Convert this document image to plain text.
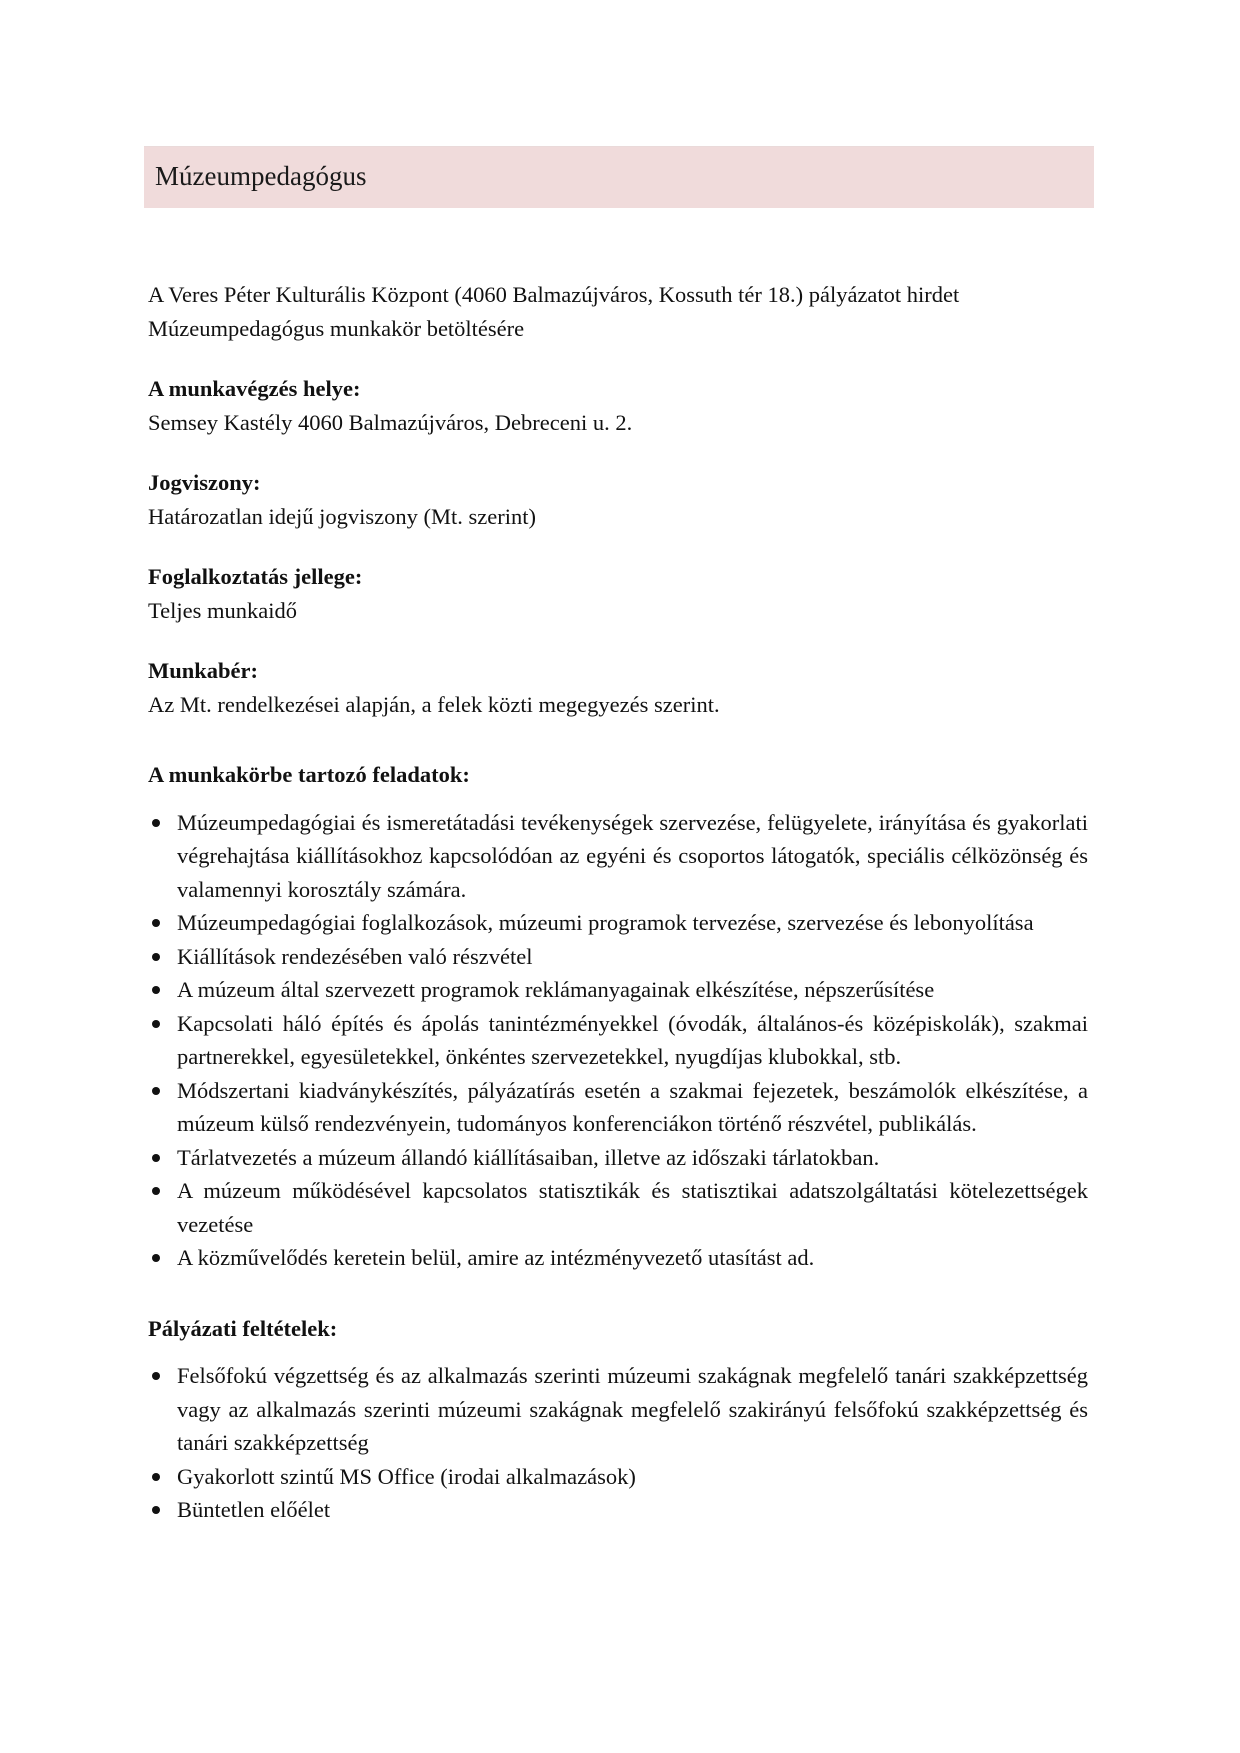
Múzeumpedagógus

A Veres Péter Kulturális Központ (4060 Balmazújváros, Kossuth tér 18.) pályázatot hirdet Múzeumpedagógus munkakör betöltésére

A munkavégzés helye:

Semsey Kastély 4060 Balmazújváros, Debreceni u. 2.

Jogviszony:

Határozatlan idejű jogviszony (Mt. szerint)

Foglalkoztatás jellege:

Teljes munkaidő

Munkabér:

Az Mt. rendelkezései alapján, a felek közti megegyezés szerint.

A munkakörbe tartozó feladatok:

Múzeumpedagógiai és ismeretátadási tevékenységek szervezése, felügyelete, irányítása és gyakorlati végrehajtása kiállításokhoz kapcsolódóan az egyéni és csoportos látogatók, speciális célközönség és valamennyi korosztály számára.
Múzeumpedagógiai foglalkozások, múzeumi programok tervezése, szervezése és lebonyolítása
Kiállítások rendezésében való részvétel
A múzeum által szervezett programok reklámanyagainak elkészítése, népszerűsítése
Kapcsolati háló építés és ápolás tanintézményekkel (óvodák, általános-és középiskolák), szakmai partnerekkel, egyesületekkel, önkéntes szervezetekkel, nyugdíjas klubokkal, stb.
Módszertani kiadványkészítés, pályázatírás esetén a szakmai fejezetek, beszámolók elkészítése, a múzeum külső rendezvényein, tudományos konferenciákon történő részvétel, publikálás.
Tárlatvezetés a múzeum állandó kiállításaiban, illetve az időszaki tárlatokban.
A múzeum működésével kapcsolatos statisztikák és statisztikai adatszolgáltatási kötelezettségek vezetése
A közművelődés keretein belül, amire az intézményvezető utasítást ad.

Pályázati feltételek:

Felsőfokú végzettség és az alkalmazás szerinti múzeumi szakágnak megfelelő tanári szakképzettség vagy az alkalmazás szerinti múzeumi szakágnak megfelelő szakirányú felsőfokú szakképzettség és tanári szakképzettség
Gyakorlott szintű MS Office (irodai alkalmazások)
Büntetlen előélet
